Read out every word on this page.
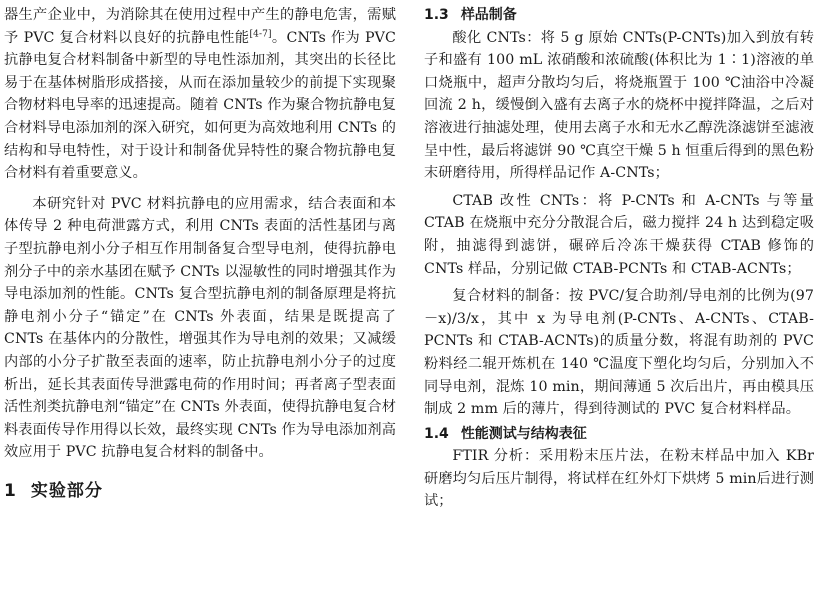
器生产企业中，为消除其在使用过程中产生的静电危害，需赋予 PVC 复合材料以良好的抗静电性能[4-7]。CNTs 作为 PVC 抗静电复合材料制备中新型的导电性添加剂，其突出的长径比易于在基体树脂形成搭接，从而在添加量较少的前提下实现聚合物材料电导率的迅速提高。随着 CNTs 作为聚合物抗静电复合材料导电添加剂的深入研究，如何更为高效地利用 CNTs 的结构和导电特性，对于设计和制备优异特性的聚合物抗静电复合材料有着重要意义。

本研究针对 PVC 材料抗静电的应用需求，结合表面和本体传导 2 种电荷泄露方式，利用 CNTs 表面的活性基团与离子型抗静电剂小分子相互作用制备复合型导电剂，使得抗静电剂分子中的亲水基团在赋予 CNTs 以湿敏性的同时增强其作为导电添加剂的性能。CNTs 复合型抗静电剂的制备原理是将抗静电剂小分子“锚定”在 CNTs 外表面，结果是既提高了 CNTs 在基体内的分散性，增强其作为导电剂的效果；又减缓内部的小分子扩散至表面的速率，防止抗静电剂小分子的过度析出，延长其表面传导泄露电荷的作用时间；再者离子型表面活性剂类抗静电剂“锚定”在 CNTs 外表面，使得抗静电复合材料表面传导作用得以长效，最终实现 CNTs 作为导电添加剂高效应用于 PVC 抗静电复合材料的制备中。

1 实验部分
1.3 样品制备

酸化 CNTs：将 5 g 原始 CNTs(P-CNTs)加入到放有转子和盛有 100 mL 浓硝酸和浓硫酸(体积比为 1∶1)溶液的单口烧瓶中，超声分散均匀后，将烧瓶置于 100 ℃油浴中冷凝回流 2 h，缓慢倒入盛有去离子水的烧杯中搅拌降温，之后对溶液进行抽滤处理，使用去离子水和无水乙醇洗涤滤饼至滤液呈中性，最后将滤饼 90 ℃真空干燥 5 h 恒重后得到的黑色粉末研磨待用，所得样品记作 A-CNTs；

CTAB 改性 CNTs：将 P-CNTs 和 A-CNTs 与等量 CTAB 在烧瓶中充分分散混合后，磁力搅拌 24 h 达到稳定吸附，抽滤得到滤饼，碾碎后冷冻干燥获得 CTAB 修饰的 CNTs 样品，分别记做 CTAB-PCNTs 和 CTAB-ACNTs；

复合材料的制备：按 PVC/复合助剂/导电剂的比例为(97－x)/3/x，其中 x 为导电剂(P-CNTs、A-CNTs、CTAB-PCNTs 和 CTAB-ACNTs)的质量分数，将混有助剂的 PVC 粉料经二辊开炼机在 140 ℃温度下塑化均匀后，分别加入不同导电剂，混炼 10 min，期间薄通 5 次后出片，再由模具压制成 2 mm 后的薄片，得到待测试的 PVC 复合材料样品。

1.4 性能测试与结构表征

FTIR 分析：采用粉末压片法，在粉末样品中加入 KBr 研磨均匀后压片制得，将试样在红外灯下烘烤 5 min后进行测试；
